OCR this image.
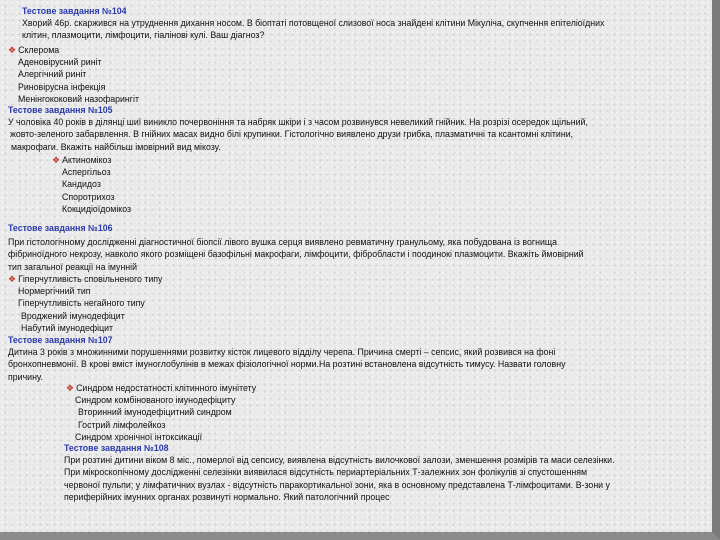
Тестове завдання №104
Хворий 46р. скаржився на утруднення дихання носом. В біоптаті потовщеної слизової носа знайдені клітини Мікуліча, скупчення епітеліоїдних
клітин, плазмоцити, лімфоцити, гіалінові кулі. Ваш діагноз?
❖ Склерома
Аденовірусний риніт
Алергічний риніт
Риновірусна інфекція
Менінгококовий назофарингіт
Тестове завдання №105
У чоловіка 40 років в ділянці шиї виникло почервоніння та набряк шкіри і з часом розвинувся невеликий гнійник. На розрізі осередок щільний,
жовто-зеленого забарвлення. В гнійних масах видно білі крупинки. Гістологічно виявлено друзи грибка, плазматичні та ксантомні клітини,
макрофаги. Вкажіть найбільш імовірний вид мікозу.
❖ Актиномікоз
Аспергільоз
Кандидоз
Споротрихоз
Кокцидіоїдомікоз
Тестове завдання №106
При гістологічному дослідженні діагностичної біопсії лівого вушка серця виявлено ревматичну гранульому, яка побудована із вогнища
фібриноїдного некрозу, навколо якого розміщені базофільні макрофаги, лімфоцити, фібробласти і поодинокі плазмоцити. Вкажіть ймовірний
тип загальної реакції на імунній
❖ Гіперчутливість сповільненого типу
Нормергічний тип
Гіперчутливість негайного типу
Вроджений імунодефіцит
Набутий імунодефіцит
Тестове завдання №107
Дитина 3 років з множинними порушеннями розвитку кісток лицевого відділу черепа. Причина смерті – сепсис, який розвився на фоні
бронхопневмонії. В крові вміст імуноглобулінів в межах фізіологічної норми.На розтині встановлена відсутність тимусу. Назвати головну
причину.
❖ Синдром недостатності клітинного імунітету
Синдром комбінованого імунодефіциту
Вторинний імунодефіцитний синдром
Гострий лімфолейкоз
Синдром хронічної інтоксикації
Тестове завдання №108
При розтині дитини віком 8 міс., померлої від сепсису, виявлена відсутність вилочкової залози, зменшення розмірів та маси селезінки.
При мікроскопічному дослідженні селезінки виявилася відсутність периартеріальних Т-залежних зон фолікулів зі спустошенням
червоної пульпи; у лімфатичних вузлах - відсутність паракортикальної зони, яка в основному представлена Т-лімфоцитами. В-зони у
периферійних імунних органах розвинуті нормально. Який патологічний процес
